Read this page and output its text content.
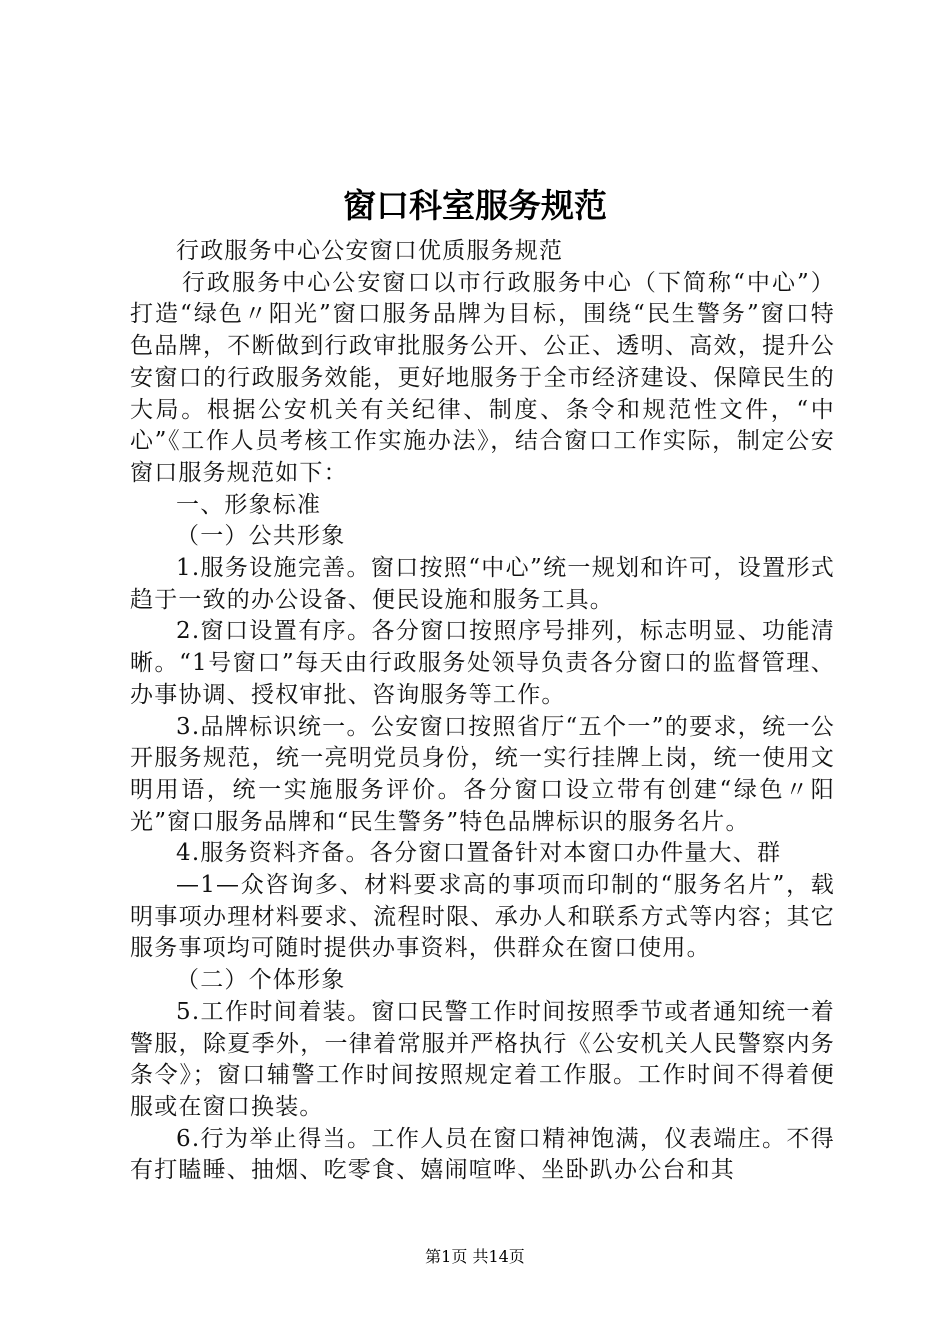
窗口科室服务规范

行政服务中心公安窗口优质服务规范

行政服务中心公安窗口以市行政服务中心（下简称“中心”）打造“绿色〃阳光”窗口服务品牌为目标，围绕“民生警务”窗口特色品牌，不断做到行政审批服务公开、公正、透明、高效，提升公安窗口的行政服务效能，更好地服务于全市经济建设、保障民生的大局。根据公安机关有关纪律、制度、条令和规范性文件，“中心”《工作人员考核工作实施办法》，结合窗口工作实际，制定公安窗口服务规范如下：

一、形象标准

（一）公共形象

1.服务设施完善。窗口按照“中心”统一规划和许可，设置形式趋于一致的办公设备、便民设施和服务工具。

2.窗口设置有序。各分窗口按照序号排列，标志明显、功能清晰。“1号窗口”每天由行政服务处领导负责各分窗口的监督管理、办事协调、授权审批、咨询服务等工作。

3.品牌标识统一。公安窗口按照省厅“五个一”的要求，统一公开服务规范，统一亮明党员身份，统一实行挂牌上岗，统一使用文明用语，统一实施服务评价。各分窗口设立带有创建“绿色〃阳光”窗口服务品牌和“民生警务”特色品牌标识的服务名片。

4.服务资料齐备。各分窗口置备针对本窗口办件量大、群

—1—众咨询多、材料要求高的事项而印制的“服务名片”，载明事项办理材料要求、流程时限、承办人和联系方式等内容；其它服务事项均可随时提供办事资料，供群众在窗口使用。

（二）个体形象

5.工作时间着装。窗口民警工作时间按照季节或者通知统一着警服，除夏季外，一律着常服并严格执行《公安机关人民警察内务条令》；窗口辅警工作时间按照规定着工作服。工作时间不得着便服或在窗口换装。

6.行为举止得当。工作人员在窗口精神饱满，仪表端庄。不得有打瞌睡、抽烟、吃零食、嬉闹喧哗、坐卧趴办公台和其

第1页 共14页
